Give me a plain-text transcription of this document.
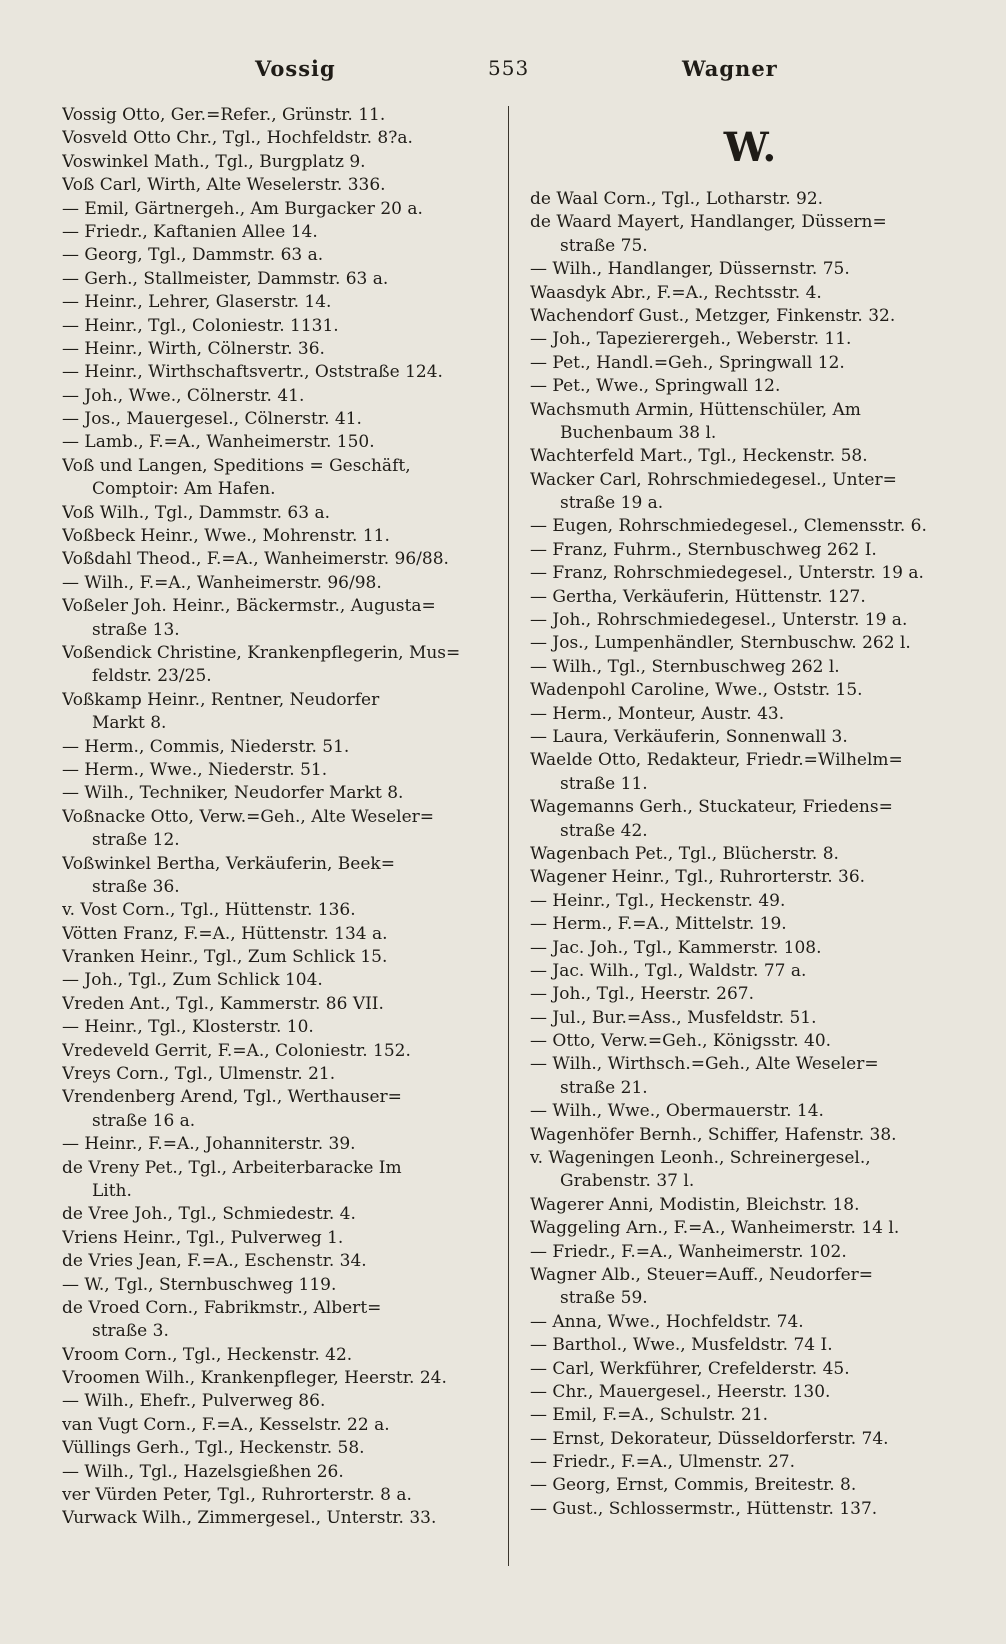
Vossig	553	Wagner
Vossig Otto, Ger.=Refer., Grünstr. 11.
Vosveld Otto Chr., Tgl., Hochfeldstr. 8?a.
Voswinkel Math., Tgl., Burgplatz 9.
Voß Carl, Wirth, Alte Weselerstr. 336.
— Emil, Gärtnergeh., Am Burgacker 20 a.
— Friedr., Kaftanien Allee 14.
— Georg, Tgl., Dammstr. 63 a.
— Gerh., Stallmeister, Dammstr. 63 a.
— Heinr., Lehrer, Glaserstr. 14.
— Heinr., Tgl., Coloniestr. 1131.
— Heinr., Wirth, Cölnerstr. 36.
— Heinr., Wirthschaftsvertr., Oststraße 124.
— Joh., Wwe., Cölnerstr. 41.
— Jos., Mauergesel., Cölnerstr. 41.
— Lamb., F.=A., Wanheimerstr. 150.
Voß und Langen, Speditions = Geschäft,
Comptoir: Am Hafen.
Voß Wilh., Tgl., Dammstr. 63 a.
Voßbeck Heinr., Wwe., Mohrenstr. 11.
Voßdahl Theod., F.=A., Wanheimerstr. 96/88.
— Wilh., F.=A., Wanheimerstr. 96/98.
Voßeler Joh. Heinr., Bäckermstr., Augusta=
straße 13.
Voßendick Christine, Krankenpflegerin, Mus=
feldstr. 23/25.
Voßkamp Heinr., Rentner, Neudorfer
Markt 8.
— Herm., Commis, Niederstr. 51.
— Herm., Wwe., Niederstr. 51.
— Wilh., Techniker, Neudorfer Markt 8.
Voßnacke Otto, Verw.=Geh., Alte Weseler=
straße 12.
Voßwinkel Bertha, Verkäuferin, Beek=
straße 36.
v. Vost Corn., Tgl., Hüttenstr. 136.
Vötten Franz, F.=A., Hüttenstr. 134 a.
Vranken Heinr., Tgl., Zum Schlick 15.
— Joh., Tgl., Zum Schlick 104.
Vreden Ant., Tgl., Kammerstr. 86 VII.
— Heinr., Tgl., Klosterstr. 10.
Vredeveld Gerrit, F.=A., Coloniestr. 152.
Vreys Corn., Tgl., Ulmenstr. 21.
Vrendenberg Arend, Tgl., Werthauser=
straße 16 a.
— Heinr., F.=A., Johanniterstr. 39.
de Vreny Pet., Tgl., Arbeiterbaracke Im
Lith.
de Vree Joh., Tgl., Schmiedestr. 4.
Vriens Heinr., Tgl., Pulverweg 1.
de Vries Jean, F.=A., Eschenstr. 34.
— W., Tgl., Sternbuschweg 119.
de Vroed Corn., Fabrikmstr., Albert=
straße 3.
Vroom Corn., Tgl., Heckenstr. 42.
Vroomen Wilh., Krankenpfleger, Heerstr. 24.
— Wilh., Ehefr., Pulverweg 86.
van Vugt Corn., F.=A., Kesselstr. 22 a.
Vüllings Gerh., Tgl., Heckenstr. 58.
— Wilh., Tgl., Hazelsgießhen 26.
ver Vürden Peter, Tgl., Ruhrorterstr. 8 a.
Vurwack Wilh., Zimmergesel., Unterstr. 33.
W.
de Waal Corn., Tgl., Lotharstr. 92.
de Waard Mayert, Handlanger, Düssern=
straße 75.
— Wilh., Handlanger, Düssernstr. 75.
Waasdyk Abr., F.=A., Rechtsstr. 4.
Wachendorf Gust., Metzger, Finkenstr. 32.
— Joh., Tapezierergeh., Weberstr. 11.
— Pet., Handl.=Geh., Springwall 12.
— Pet., Wwe., Springwall 12.
Wachsmuth Armin, Hüttenschüler, Am
Buchenbaum 38 l.
Wachterfeld Mart., Tgl., Heckenstr. 58.
Wacker Carl, Rohrschmiedegesel., Unter=
straße 19 a.
— Eugen, Rohrschmiedegesel., Clemensstr. 6.
— Franz, Fuhrm., Sternbuschweg 262 I.
— Franz, Rohrschmiedegesel., Unterstr. 19 a.
— Gertha, Verkäuferin, Hüttenstr. 127.
— Joh., Rohrschmiedegesel., Unterstr. 19 a.
— Jos., Lumpenhändler, Sternbuschw. 262 l.
— Wilh., Tgl., Sternbuschweg 262 l.
Wadenpohl Caroline, Wwe., Oststr. 15.
— Herm., Monteur, Austr. 43.
— Laura, Verkäuferin, Sonnenwall 3.
Waelde Otto, Redakteur, Friedr.=Wilhelm=
straße 11.
Wagemanns Gerh., Stuckateur, Friedens=
straße 42.
Wagenbach Pet., Tgl., Blücherstr. 8.
Wagener Heinr., Tgl., Ruhrorterstr. 36.
— Heinr., Tgl., Heckenstr. 49.
— Herm., F.=A., Mittelstr. 19.
— Jac. Joh., Tgl., Kammerstr. 108.
— Jac. Wilh., Tgl., Waldstr. 77 a.
— Joh., Tgl., Heerstr. 267.
— Jul., Bur.=Ass., Musfeldstr. 51.
— Otto, Verw.=Geh., Königsstr. 40.
— Wilh., Wirthsch.=Geh., Alte Weseler=
straße 21.
— Wilh., Wwe., Obermauerstr. 14.
Wagenhöfer Bernh., Schiffer, Hafenstr. 38.
v. Wageningen Leonh., Schreinergesel.,
Grabenstr. 37 l.
Wagerer Anni, Modistin, Bleichstr. 18.
Waggeling Arn., F.=A., Wanheimerstr. 14 l.
— Friedr., F.=A., Wanheimerstr. 102.
Wagner Alb., Steuer=Auff., Neudorfer=
straße 59.
— Anna, Wwe., Hochfeldstr. 74.
— Barthol., Wwe., Musfeldstr. 74 I.
— Carl, Werkführer, Crefelderstr. 45.
— Chr., Mauergesel., Heerstr. 130.
— Emil, F.=A., Schulstr. 21.
— Ernst, Dekorateur, Düsseldorferstr. 74.
— Friedr., F.=A., Ulmenstr. 27.
— Georg, Ernst, Commis, Breitestr. 8.
— Gust., Schlossermstr., Hüttenstr. 137.
